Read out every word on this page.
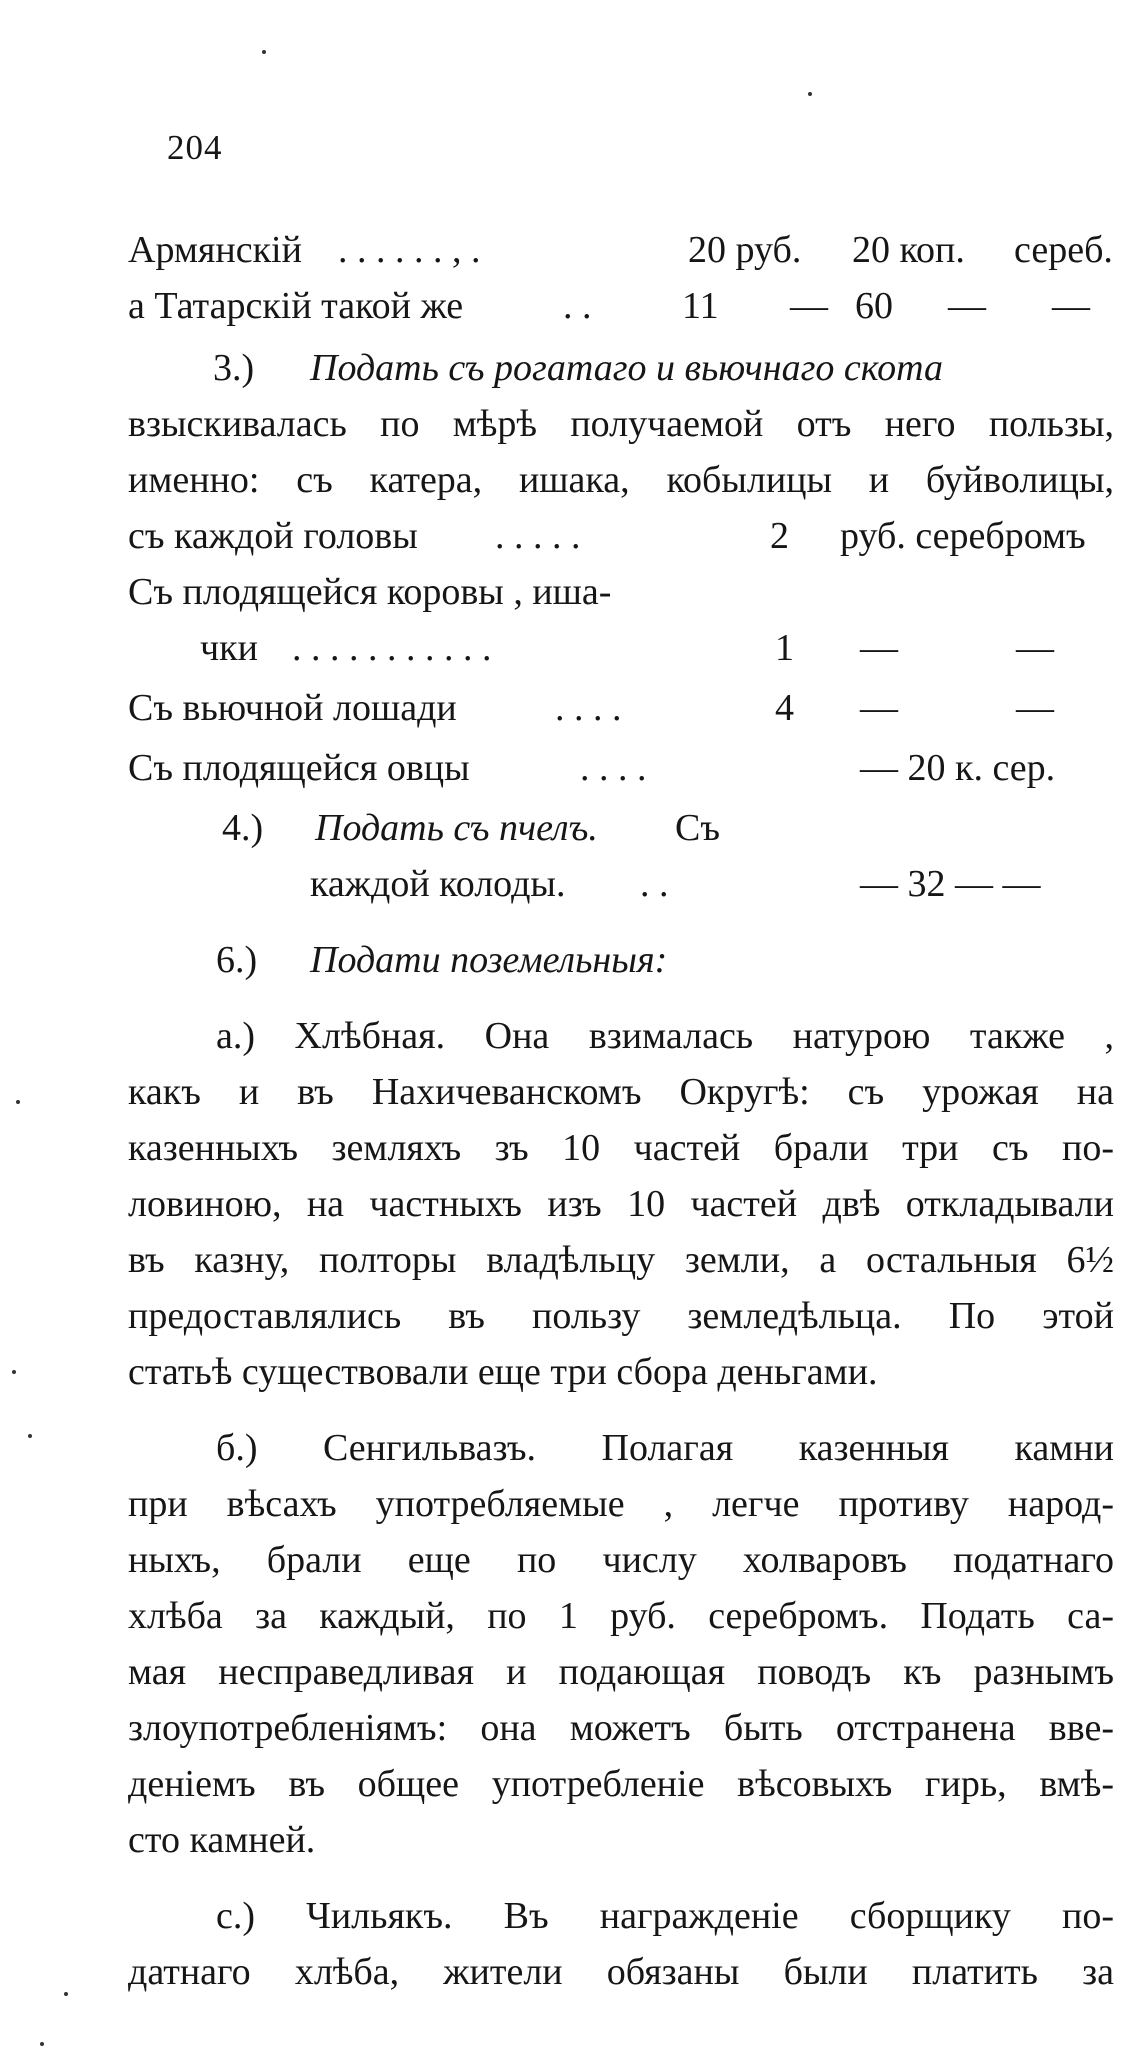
204
Армянскій . . . . . . , .	20 руб. 20 коп. сереб.
а Татарскій такой же	. . 11 — 60 — —
3.) Подать съ рогатаго и вьючнаго скота
взыскивалась по мѣрѣ получаемой отъ него пользы,
именно: съ катера, ишака, кобылицы и буйволицы,
съ каждой головы . . . . .	2 руб. серебромъ
Съ плодящейся коровы , иша-
чки . . . . . . . . . . .	1 —	—
Съ вьючной лошади	. . . .	4 —	—
Съ плодящейся овцы	. . . .	— 20 к. сер.
4.) Подать съ пчелъ. Съ
каждой колоды. . .	— 32 — —
6.) Подати поземельныя:
а.) Хлѣбная. Она взималась натурою также ,
какъ и въ Нахичеванскомъ Округѣ: съ урожая на
казенныхъ земляхъ зъ 10 частей брали три съ по-
ловиною, на частныхъ изъ 10 частей двѣ откладывали
въ казну, полторы владѣльцу земли, а остальныя 6½
предоставлялись въ пользу земледѣльца. По этой
статьѣ существовали еще три сбора деньгами.
б.) Сенгильвазъ. Полагая казенныя камни
при вѣсахъ употребляемые , легче противу народ-
ныхъ, брали еще по числу холваровъ податнаго
хлѣба за каждый, по 1 руб. серебромъ. Подать са-
мая несправедливая и подающая поводъ къ разнымъ
злоупотребленіямъ: она можетъ быть отстранена вве-
деніемъ въ общее употребленіе вѣсовыхъ гирь, вмѣ-
сто камней.
с.) Чильякъ. Въ награжденіе сборщику по-
датнаго хлѣба, жители обязаны были платить за
